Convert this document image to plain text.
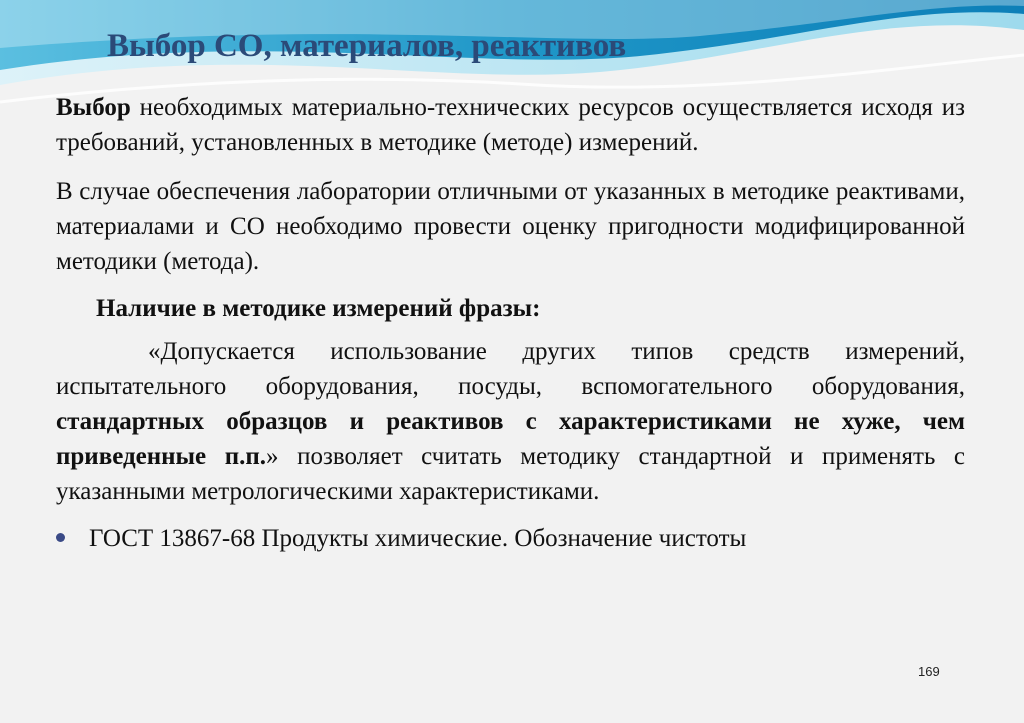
Выбор СО, материалов, реактивов

Выбор необходимых материально-технических ресурсов осуществляется исходя из требований, установленных в методике (методе) измерений.

В случае обеспечения лаборатории отличными от указанных в методике реактивами, материалами и СО необходимо провести оценку пригодности модифицированной методики (метода).

Наличие в методике измерений фразы:

«Допускается использование других типов средств измерений, испытательного оборудования, посуды, вспомогательного оборудования, стандартных образцов и реактивов с характеристиками не хуже, чем приведенные п.п.» позволяет считать методику стандартной и применять с указанными метрологическими характеристиками.

ГОСТ 13867-68 Продукты химические. Обозначение чистоты
169
